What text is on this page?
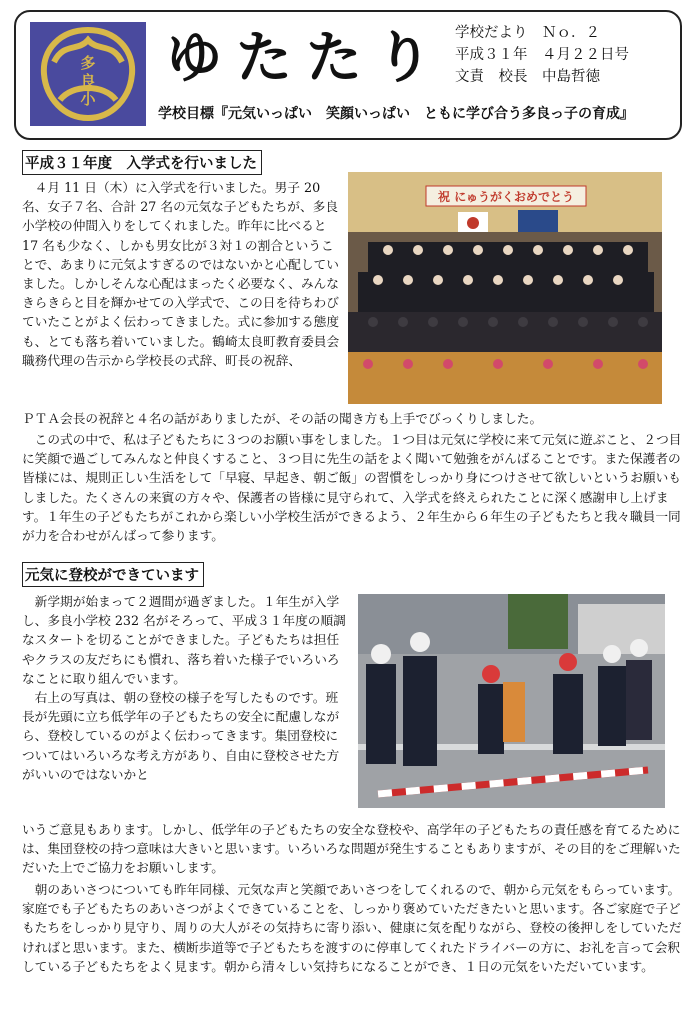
多
良
小
ゆたたり 学校だより　Ｎｏ．２
平成３１年　４月２２日号
文責　校長　中島哲徳
学校目標『元気いっぱい　笑顔いっぱい　ともに学び合う多良っ子の育成』
平成３１年度　入学式を行いました
　４月 11 日（木）に入学式を行いました。男子 20 名、女子７名、合計 27 名の元気な子どもたちが、多良小学校の仲間入りをしてくれました。昨年に比べると 17 名も少なく、しかも男女比が３対１の割合ということで、あまりに元気よすぎるのではないかと心配していました。しかしそんな心配はまったく必要なく、みんなきらきらと目を輝かせての入学式で、この日を待ちわびていたことがよく伝わってきました。式に参加する態度も、とても落ち着いていました。鶴崎太良町教育委員会職務代理の告示から学校長の式辞、町長の祝辞、
祝 にゅうがくおめでとう
ＰＴＡ会長の祝辞と４名の話がありましたが、その話の聞き方も上手でびっくりしました。
　この式の中で、私は子どもたちに３つのお願い事をしました。１つ目は元気に学校に来て元気に遊ぶこと、２つ目に笑顔で過ごしてみんなと仲良くすること、３つ目に先生の話をよく聞いて勉強をがんばることです。また保護者の皆様には、規則正しい生活をして「早寝、早起き、朝ご飯」の習慣をしっかり身につけさせて欲しいというお願いもしました。たくさんの来賓の方々や、保護者の皆様に見守られて、入学式を終えられたことに深く感謝申し上げます。１年生の子どもたちがこれから楽しい小学校生活ができるよう、２年生から６年生の子どもたちと我々職員一同が力を合わせがんばって参ります。
元気に登校ができています
　新学期が始まって２週間が過ぎました。１年生が入学し、多良小学校 232 名がそろって、平成３１年度の順調なスタートを切ることができました。子どもたちは担任やクラスの友だちにも慣れ、落ち着いた様子でいろいろなことに取り組んでいます。
　右上の写真は、朝の登校の様子を写したものです。班長が先頭に立ち低学年の子どもたちの安全に配慮しながら、登校しているのがよく伝わってきます。集団登校についてはいろいろな考え方があり、自由に登校させた方がいいのではないかと
いうご意見もあります。しかし、低学年の子どもたちの安全な登校や、高学年の子どもたちの責任感を育てるためには、集団登校の持つ意味は大きいと思います。いろいろな問題が発生することもありますが、その目的をご理解いただいた上でご協力をお願いします。
　朝のあいさつについても昨年同様、元気な声と笑顔であいさつをしてくれるので、朝から元気をもらっています。家庭でも子どもたちのあいさつがよくできていることを、しっかり褒めていただきたいと思います。各ご家庭で子どもたちをしっかり見守り、周りの大人がその気持ちに寄り添い、健康に気を配りながら、登校の後押しをしていただければと思います。また、横断歩道等で子どもたちを渡すのに停車してくれたドライバーの方に、お礼を言って会釈している子どもたちをよく見ます。朝から清々しい気持ちになることができ、１日の元気をいただいています。
